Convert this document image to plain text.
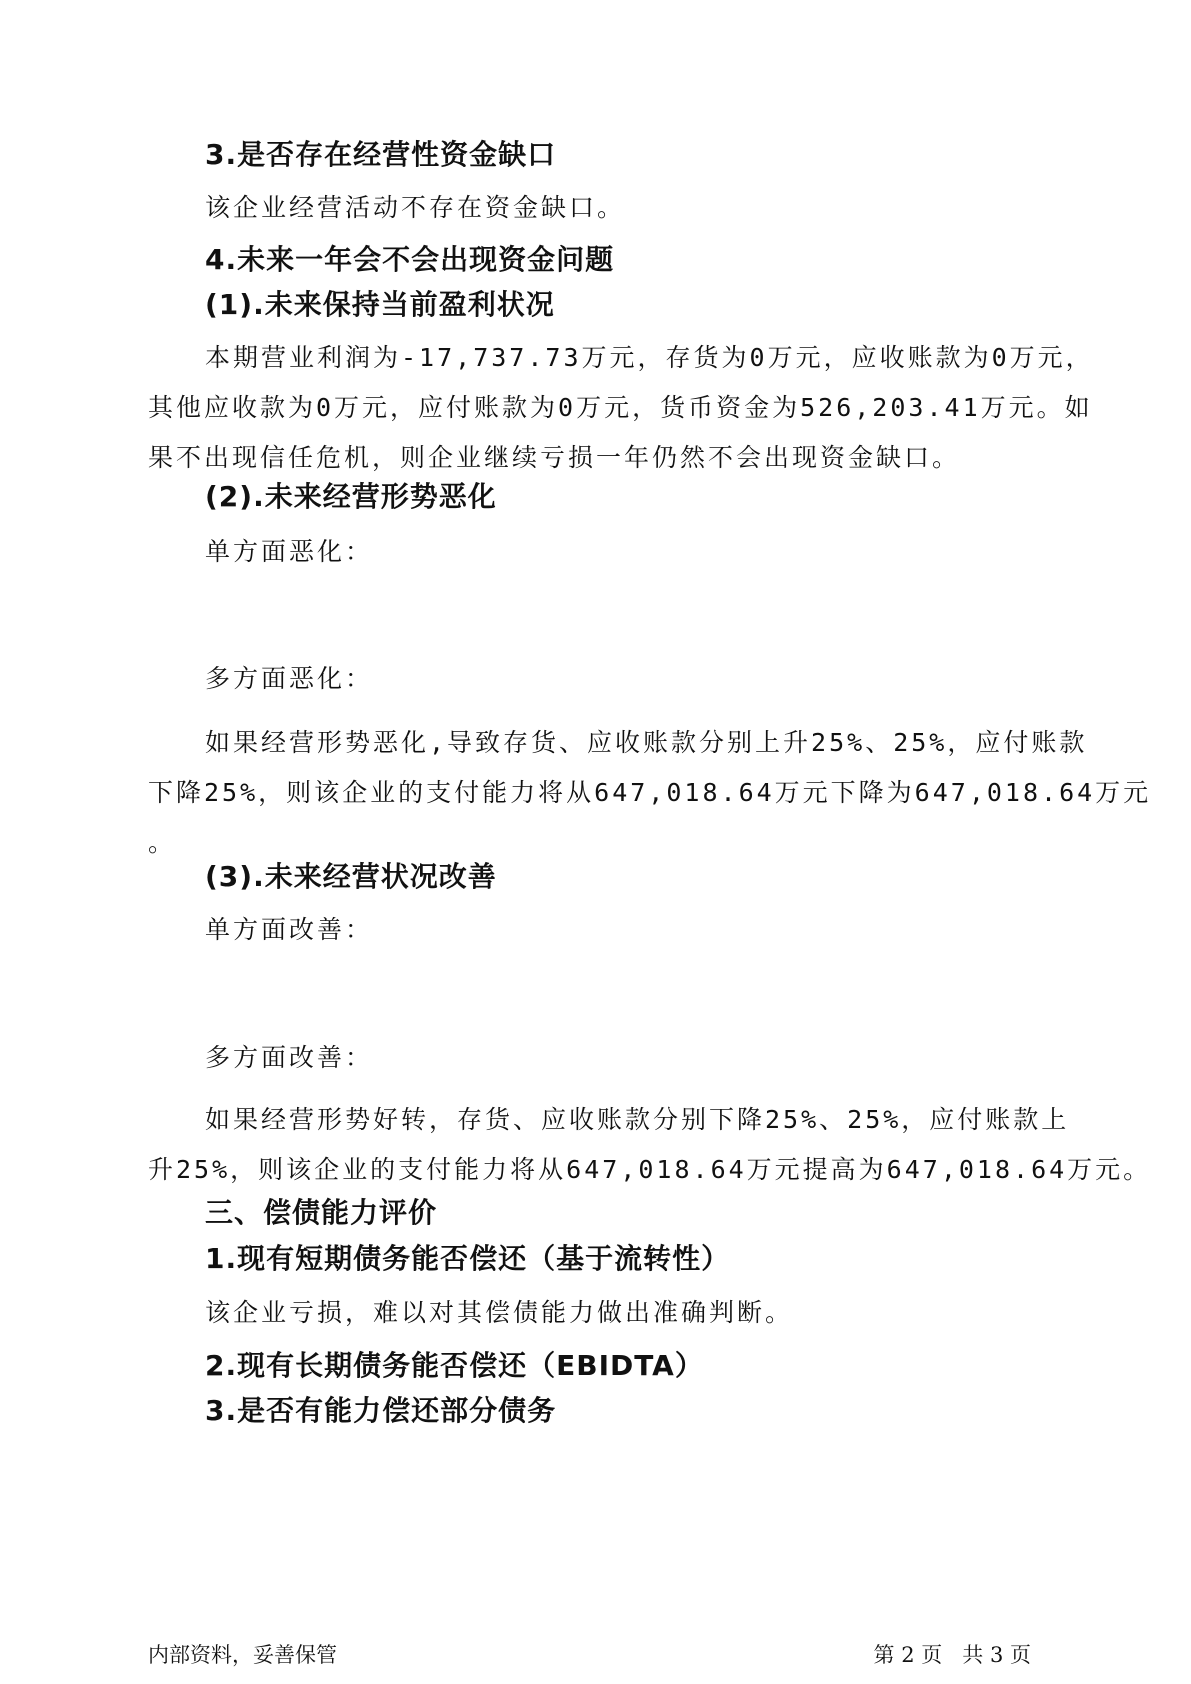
3.是否存在经营性资金缺口
该企业经营活动不存在资金缺口。
4.未来一年会不会出现资金问题
(1).未来保持当前盈利状况
本期营业利润为-17,737.73万元，存货为0万元，应收账款为0万元，
其他应收款为0万元，应付账款为0万元，货币资金为526,203.41万元。如
果不出现信任危机，则企业继续亏损一年仍然不会出现资金缺口。
(2).未来经营形势恶化
单方面恶化：
多方面恶化：
如果经营形势恶化,导致存货、应收账款分别上升25%、25%，应付账款
下降25%，则该企业的支付能力将从647,018.64万元下降为647,018.64万元
。
(3).未来经营状况改善
单方面改善：
多方面改善：
如果经营形势好转，存货、应收账款分别下降25%、25%，应付账款上
升25%，则该企业的支付能力将从647,018.64万元提高为647,018.64万元。
三、偿债能力评价
1.现有短期债务能否偿还（基于流转性）
该企业亏损，难以对其偿债能力做出准确判断。
2.现有长期债务能否偿还（EBIDTA）
3.是否有能力偿还部分债务
内部资料，妥善保管	第 2 页   共 3 页
